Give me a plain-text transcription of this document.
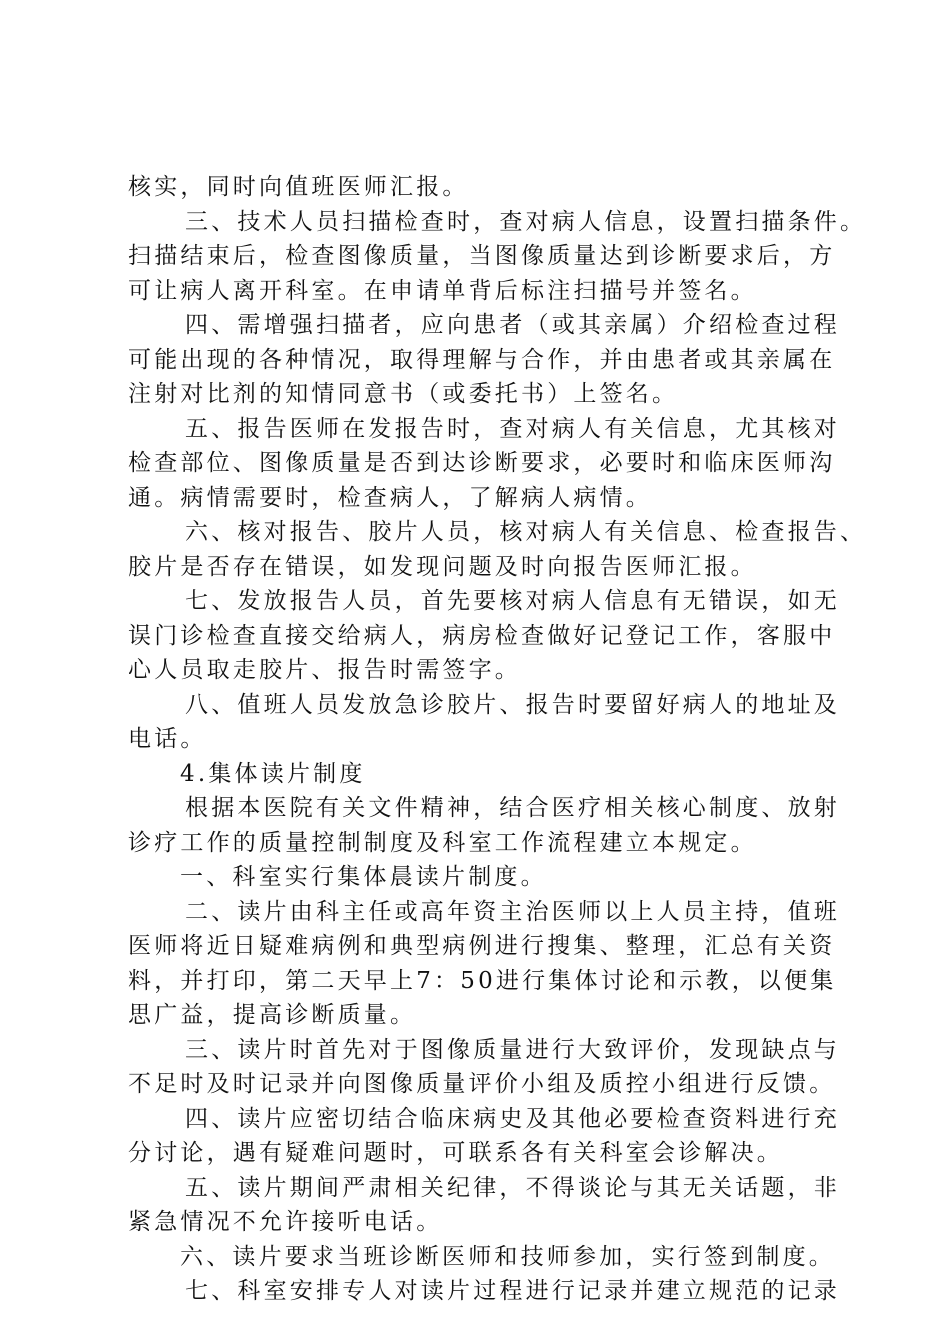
核实，同时向值班医师汇报。
三、技术人员扫描检查时，查对病人信息，设置扫描条件。
扫描结束后，检查图像质量，当图像质量达到诊断要求后，方
可让病人离开科室。在申请单背后标注扫描号并签名。
四、需增强扫描者，应向患者（或其亲属）介绍检查过程
可能出现的各种情况，取得理解与合作，并由患者或其亲属在
注射对比剂的知情同意书（或委托书）上签名。
五、报告医师在发报告时，查对病人有关信息，尤其核对
检查部位、图像质量是否到达诊断要求，必要时和临床医师沟
通。病情需要时，检查病人，了解病人病情。
六、核对报告、胶片人员，核对病人有关信息、检查报告、
胶片是否存在错误，如发现问题及时向报告医师汇报。
七、发放报告人员，首先要核对病人信息有无错误，如无
误门诊检查直接交给病人，病房检查做好记登记工作，客服中
心人员取走胶片、报告时需签字。
八、值班人员发放急诊胶片、报告时要留好病人的地址及
电话。
4.集体读片制度
根据本医院有关文件精神，结合医疗相关核心制度、放射
诊疗工作的质量控制制度及科室工作流程建立本规定。
一、科室实行集体晨读片制度。
二、读片由科主任或高年资主治医师以上人员主持，值班
医师将近日疑难病例和典型病例进行搜集、整理，汇总有关资
料，并打印，第二天早上7：50进行集体讨论和示教，以便集
思广益，提高诊断质量。
三、读片时首先对于图像质量进行大致评价，发现缺点与
不足时及时记录并向图像质量评价小组及质控小组进行反馈。
四、读片应密切结合临床病史及其他必要检查资料进行充
分讨论，遇有疑难问题时，可联系各有关科室会诊解决。
五、读片期间严肃相关纪律，不得谈论与其无关话题，非
紧急情况不允许接听电话。
六、读片要求当班诊断医师和技师参加，实行签到制度。
七、科室安排专人对读片过程进行记录并建立规范的记录
